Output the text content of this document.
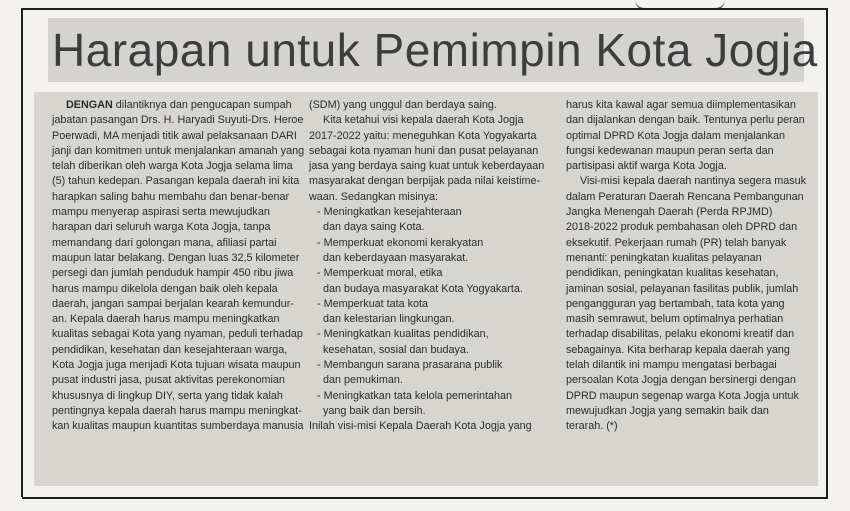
Harapan untuk Pemimpin Kota Jogja

DENGAN dilantiknya dan pengucapan sumpah

jabatan pasangan Drs. H. Haryadi Suyuti-Drs. Heroe

Poerwadi, MA menjadi titik awal pelaksanaan DARI

janji dan komitmen untuk menjalankan amanah yang

telah diberikan oleh warga Kota Jogja selama lima

(5) tahun kedepan. Pasangan kepala daerah ini kita

harapkan saling bahu membahu dan benar-benar

mampu menyerap aspirasi serta mewujudkan

harapan dari seluruh warga Kota Jogja, tanpa

memandang dari golongan mana, afiliasi partai

maupun latar belakang. Dengan luas 32,5 kilometer

persegi dan jumlah penduduk hampir 450 ribu jiwa

harus mampu dikelola dengan baik oleh kepala

daerah, jangan sampai berjalan kearah kemundur-

an. Kepala daerah harus mampu meningkatkan

kualitas sebagai Kota yang nyaman, peduli terhadap

pendidikan, kesehatan dan kesejahteraan warga,

Kota Jogja juga menjadi Kota tujuan wisata maupun

pusat industri jasa, pusat aktivitas perekonomian

khususnya di lingkup DIY, serta yang tidak kalah

pentingnya kepala daerah harus mampu meningkat-

kan kualitas maupun kuantitas sumberdaya manusia

(SDM) yang unggul dan berdaya saing.

Kita ketahui visi kepala daerah Kota Jogja

2017-2022 yaitu: meneguhkan Kota Yogyakarta

sebagai kota nyaman huni dan pusat pelayanan

jasa yang berdaya saing kuat untuk keberdayaan

masyarakat dengan berpijak pada nilai keistime-

waan. Sedangkan misinya:

- Meningkatkan kesejahteraan

dan daya saing Kota.

- Memperkuat ekonomi kerakyatan

dan keberdayaan masyarakat.

- Memperkuat moral, etika

dan budaya masyarakat Kota Yogyakarta.

- Memperkuat tata kota

dan kelestarian lingkungan.

- Meningkatkan kualitas pendidikan,

kesehatan, sosial dan budaya.

- Membangun sarana prasarana publik

dan pemukiman.

- Meningkatkan tata kelola pemerintahan

yang baik dan bersih.

Inilah visi-misi Kepala Daerah Kota Jogja yang

harus kita kawal agar semua diimplementasikan

dan dijalankan dengan baik. Tentunya perlu peran

optimal DPRD Kota Jogja dalam menjalankan

fungsi kedewanan maupun peran serta dan

partisipasi aktif warga Kota Jogja.

Visi-misi kepala daerah nantinya segera masuk

dalam Peraturan Daerah Rencana Pembangunan

Jangka Menengah Daerah (Perda RPJMD)

2018-2022 produk pembahasan oleh DPRD dan

eksekutif. Pekerjaan rumah (PR) telah banyak

menanti: peningkatan kualitas pelayanan

pendidikan, peningkatan kualitas kesehatan,

jaminan sosial, pelayanan fasilitas publik, jumlah

pengangguran yag bertambah, tata kota yang

masih semrawut, belum optimalnya perhatian

terhadap disabilitas, pelaku ekonomi kreatif dan

sebagainya. Kita berharap kepala daerah yang

telah dilantik ini mampu mengatasi berbagai

persoalan Kota Jogja dengan bersinergi dengan

DPRD maupun segenap warga Kota Jogja untuk

mewujudkan Jogja yang semakin baik dan

terarah. (*)
